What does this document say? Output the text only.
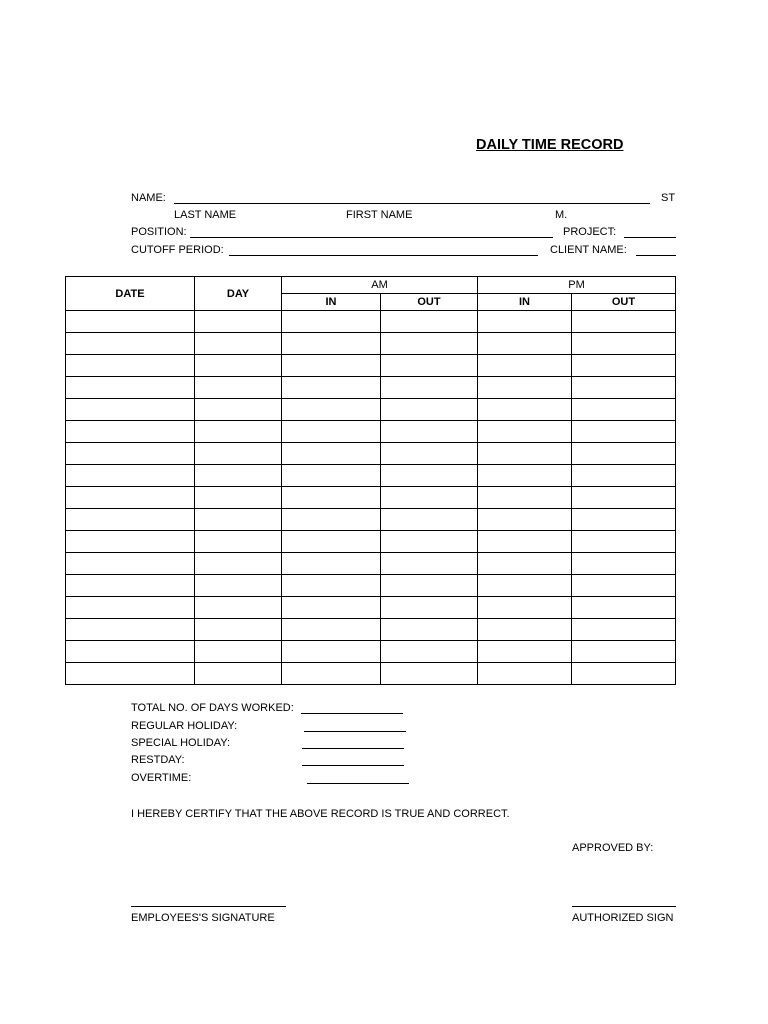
DAILY TIME RECORD
NAME:	ST
LAST NAME	FIRST NAME	M.
POSITION:	PROJECT:
CUTOFF PERIOD:	CLIENT NAME:
DATE	DAY	AM		PM	
		IN	OUT	IN	OUT

TOTAL NO. OF DAYS WORKED:
REGULAR HOLIDAY:
SPECIAL HOLIDAY:
RESTDAY:
OVERTIME:
I HEREBY CERTIFY THAT THE ABOVE RECORD IS TRUE AND CORRECT.
APPROVED BY:
EMPLOYEES'S SIGNATURE	AUTHORIZED SIGN
